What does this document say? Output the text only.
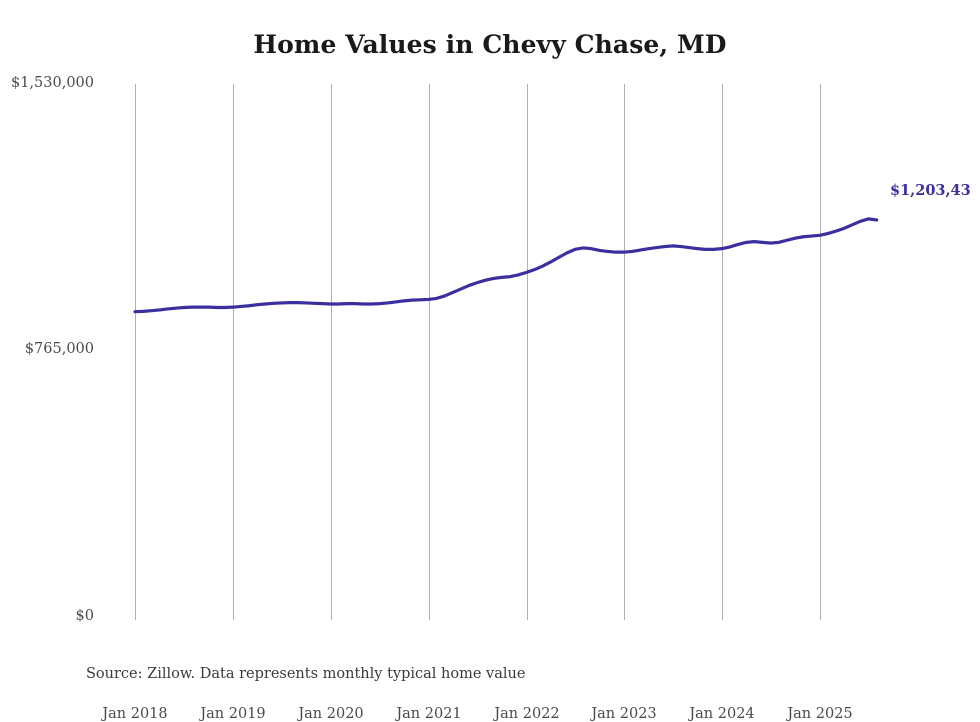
Home Values in Chevy Chase, MD
$1,530,000
$765,000
$0
Jan 2018 Jan 2019 Jan 2020 Jan 2021 Jan 2022 Jan 2023 Jan 2024 Jan 2025
$1,203,43
Source: Zillow. Data represents monthly typical home value
